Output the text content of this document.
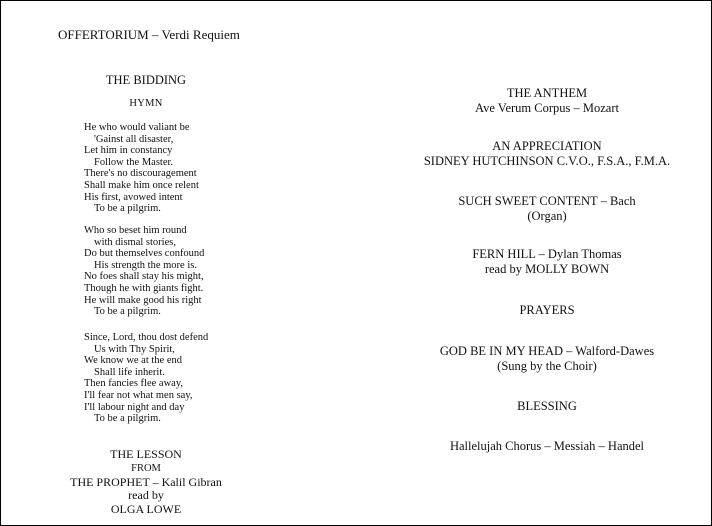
OFFERTORIUM – Verdi Requiem
THE BIDDING
HYMN
He who would valiant be
'Gainst all disaster,
Let him in constancy
Follow the Master.
There's no discouragement
Shall make him once relent
His first, avowed intent
To be a pilgrim.
Who so beset him round
with dismal stories,
Do but themselves confound
His strength the more is.
No foes shall stay his might,
Though he with giants fight.
He will make good his right
To be a pilgrim.
Since, Lord, thou dost defend
Us with Thy Spirit,
We know we at the end
Shall life inherit.
Then fancies flee away,
I'll fear not what men say,
I'll labour night and day
To be a pilgrim.
THE LESSON
FROM
THE PROPHET – Kalil Gibran
read by
OLGA LOWE
THE ANTHEM
Ave Verum Corpus – Mozart
AN APPRECIATION
SIDNEY HUTCHINSON C.V.O., F.S.A., F.M.A.
SUCH SWEET CONTENT – Bach
(Organ)
FERN HILL – Dylan Thomas
read by MOLLY BOWN
PRAYERS
GOD BE IN MY HEAD – Walford-Dawes
(Sung by the Choir)
BLESSING
Hallelujah Chorus – Messiah – Handel
